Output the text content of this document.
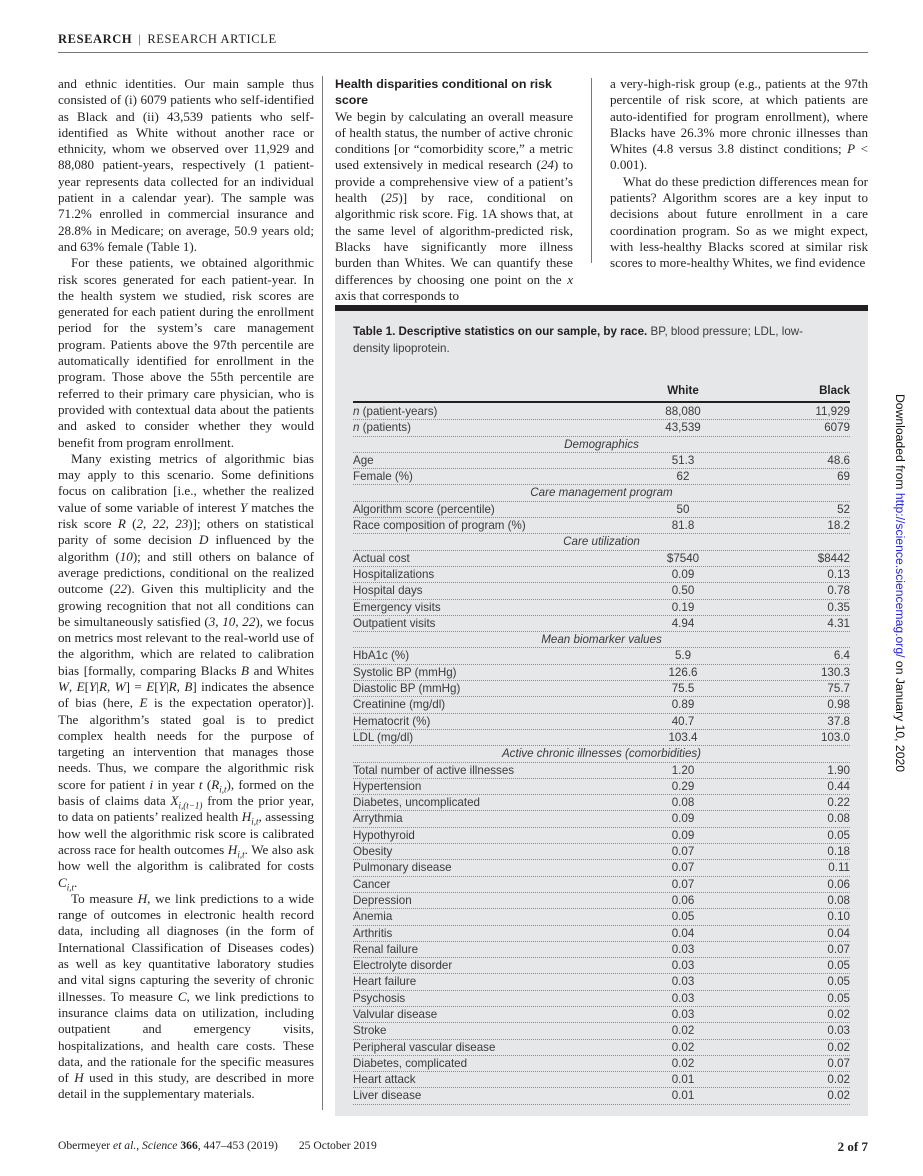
RESEARCH | RESEARCH ARTICLE

and ethnic identities. Our main sample thus consisted of (i) 6079 patients who self-identified as Black and (ii) 43,539 patients who self-identified as White without another race or ethnicity, whom we observed over 11,929 and 88,080 patient-years, respectively (1 patient-year represents data collected for an individual patient in a calendar year). The sample was 71.2% enrolled in commercial insurance and 28.8% in Medicare; on average, 50.9 years old; and 63% female (Table 1).

For these patients, we obtained algorithmic risk scores generated for each patient-year. In the health system we studied, risk scores are generated for each patient during the enrollment period for the system’s care management program. Patients above the 97th percentile are automatically identified for enrollment in the program. Those above the 55th percentile are referred to their primary care physician, who is provided with contextual data about the patients and asked to consider whether they would benefit from program enrollment.

Many existing metrics of algorithmic bias may apply to this scenario. Some definitions focus on calibration [i.e., whether the realized value of some variable of interest Y matches the risk score R (2, 22, 23)]; others on statistical parity of some decision D influenced by the algorithm (10); and still others on balance of average predictions, conditional on the realized outcome (22). Given this multiplicity and the growing recognition that not all conditions can be simultaneously satisfied (3, 10, 22), we focus on metrics most relevant to the real-world use of the algorithm, which are related to calibration bias [formally, comparing Blacks B and Whites W, E[Y|R, W] = E[Y|R, B] indicates the absence of bias (here, E is the expectation operator)]. The algorithm’s stated goal is to predict complex health needs for the purpose of targeting an intervention that manages those needs. Thus, we compare the algorithmic risk score for patient i in year t $(R_{i,t})$, formed on the basis of claims data $X_{i,(t-1)}$ from the prior year, to data on patients’ realized health $H_{i,t}$, assessing how well the algorithmic risk score is calibrated across race for health outcomes $H_{i,t}$. We also ask how well the algorithm is calibrated for costs $C_{i,t}$.

To measure H, we link predictions to a wide range of outcomes in electronic health record data, including all diagnoses (in the form of International Classification of Diseases codes) as well as key quantitative laboratory studies and vital signs capturing the severity of chronic illnesses. To measure C, we link predictions to insurance claims data on utilization, including outpatient and emergency visits, hospitalizations, and health care costs. These data, and the rationale for the specific measures of H used in this study, are described in more detail in the supplementary materials.

Health disparities conditional on risk score

We begin by calculating an overall measure of health status, the number of active chronic conditions [or “comorbidity score,” a metric used extensively in medical research (24) to provide a comprehensive view of a patient’s health (25)] by race, conditional on algorithmic risk score. Fig. 1A shows that, at the same level of algorithm-predicted risk, Blacks have significantly more illness burden than Whites. We can quantify these differences by choosing one point on the x axis that corresponds to

a very-high-risk group (e.g., patients at the 97th percentile of risk score, at which patients are auto-identified for program enrollment), where Blacks have 26.3% more chronic illnesses than Whites (4.8 versus 3.8 distinct conditions; P < 0.001).

What do these prediction differences mean for patients? Algorithm scores are a key input to decisions about future enrollment in a care coordination program. So as we might expect, with less-healthy Blacks scored at similar risk scores to more-healthy Whites, we find evidence

Table 1. Descriptive statistics on our sample, by race. BP, blood pressure; LDL, low-density lipoprotein.
White	Black
n (patient-years)	88,080	11,929
n (patients)	43,539	6079
Demographics
Age	51.3	48.6
Female (%)	62	69
Care management program
Algorithm score (percentile)	50	52
Race composition of program (%)	81.8	18.2
Care utilization
Actual cost	$7540	$8442
Hospitalizations	0.09	0.13
Hospital days	0.50	0.78
Emergency visits	0.19	0.35
Outpatient visits	4.94	4.31
Mean biomarker values
HbA1c (%)	5.9	6.4
Systolic BP (mmHg)	126.6	130.3
Diastolic BP (mmHg)	75.5	75.7
Creatinine (mg/dl)	0.89	0.98
Hematocrit (%)	40.7	37.8
LDL (mg/dl)	103.4	103.0
Active chronic illnesses (comorbidities)
Total number of active illnesses	1.20	1.90
Hypertension	0.29	0.44
Diabetes, uncomplicated	0.08	0.22
Arrythmia	0.09	0.08
Hypothyroid	0.09	0.05
Obesity	0.07	0.18
Pulmonary disease	0.07	0.11
Cancer	0.07	0.06
Depression	0.06	0.08
Anemia	0.05	0.10
Arthritis	0.04	0.04
Renal failure	0.03	0.07
Electrolyte disorder	0.03	0.05
Heart failure	0.03	0.05
Psychosis	0.03	0.05
Valvular disease	0.03	0.02
Stroke	0.02	0.03
Peripheral vascular disease	0.02	0.02
Diabetes, complicated	0.02	0.07
Heart attack	0.01	0.02
Liver disease	0.01	0.02
Obermeyer et al., Science 366, 447–453 (2019) 25 October 2019	2 of 7
Downloaded from http://science.sciencemag.org/ on January 10, 2020
